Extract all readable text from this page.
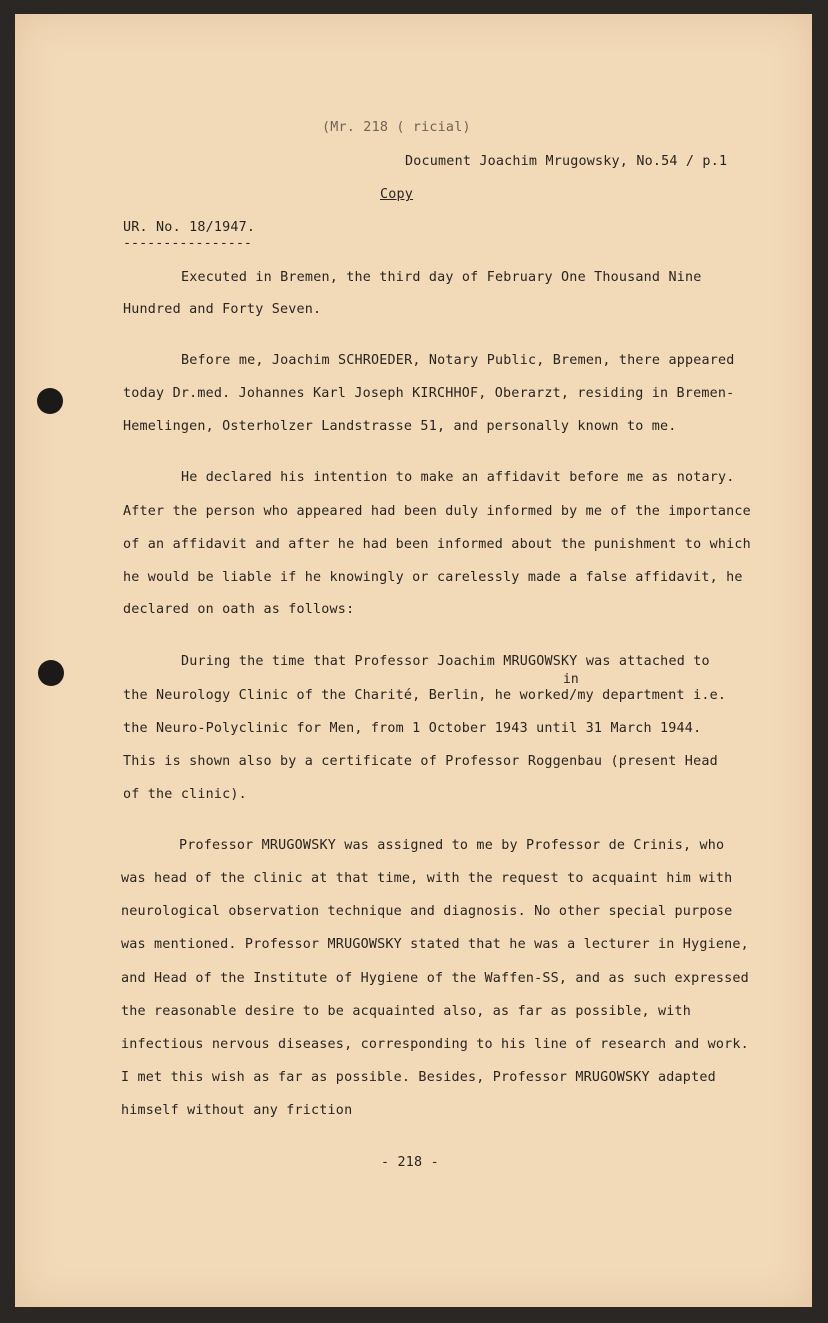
(Mr. 218 ( ricial)
Document Joachim Mrugowsky, No.54 / p.1
Copy
UR. No. 18/1947.
----------------
Executed in Bremen, the third day of February One Thousand Nine
Hundred and Forty Seven.
Before me, Joachim SCHROEDER, Notary Public, Bremen, there appeared
today Dr.med. Johannes Karl Joseph KIRCHHOF, Oberarzt, residing in Bremen-
Hemelingen, Osterholzer Landstrasse 51, and personally known to me.
He declared his intention to make an affidavit before me as notary.
After the person who appeared had been duly informed by me of the importance
of an affidavit and after he had been informed about the punishment to which
he would be liable if he knowingly or carelessly made a false affidavit, he
declared on oath as follows:
During the time that Professor Joachim MRUGOWSKY was attached to
in
the Neurology Clinic of the Charité, Berlin, he worked/my department i.e.
the Neuro-Polyclinic for Men, from 1 October 1943 until 31 March 1944.
This is shown also by a certificate of Professor Roggenbau (present Head
of the clinic).
Professor MRUGOWSKY was assigned to me by Professor de Crinis, who
was head of the clinic at that time, with the request to acquaint him with
neurological observation technique and diagnosis. No other special purpose
was mentioned. Professor MRUGOWSKY stated that he was a lecturer in Hygiene,
and Head of the Institute of Hygiene of the Waffen-SS, and as such expressed
the reasonable desire to be acquainted also, as far as possible, with
infectious nervous diseases, corresponding to his line of research and work.
I met this wish as far as possible. Besides, Professor MRUGOWSKY adapted
himself without any friction
- 218 -
